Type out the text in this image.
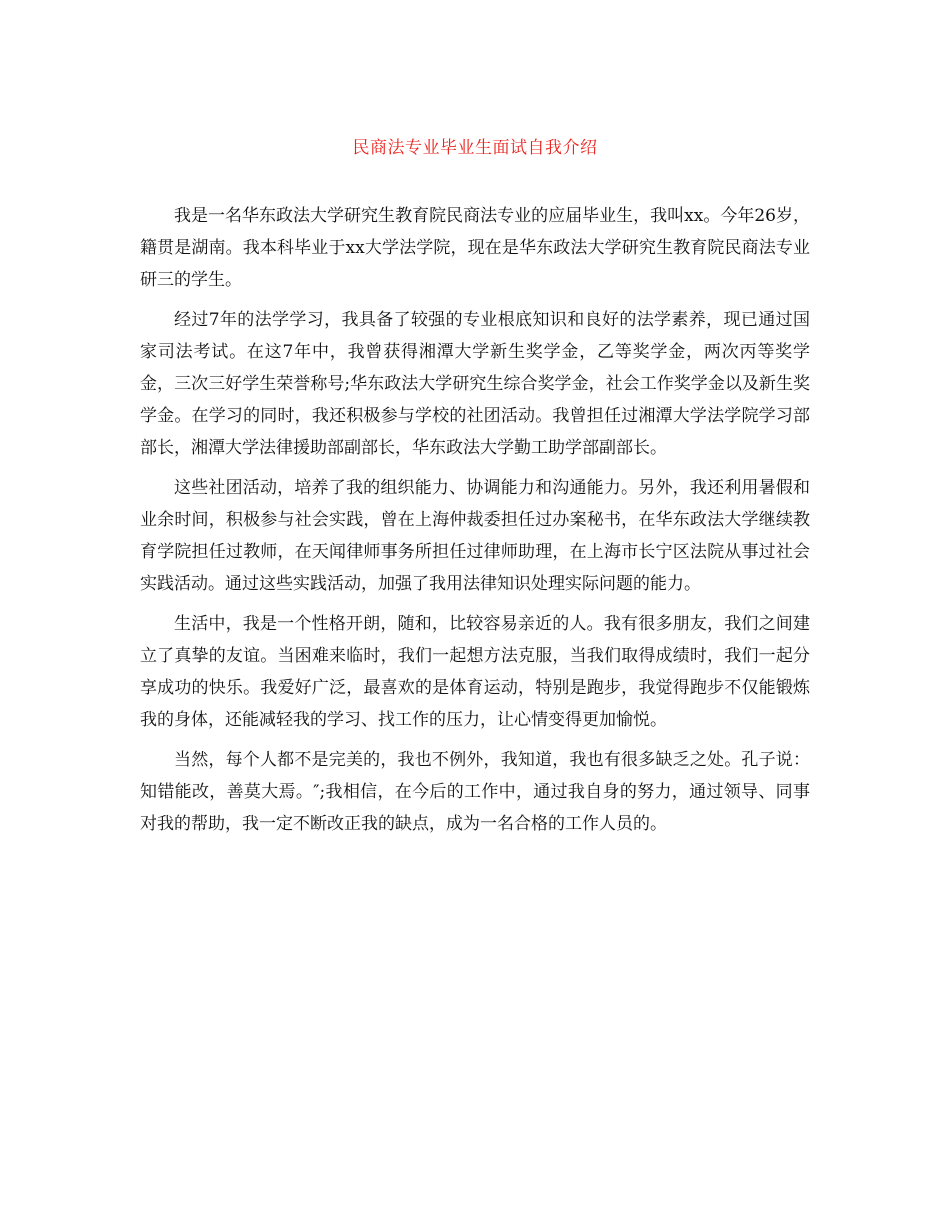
民商法专业毕业生面试自我介绍

我是一名华东政法大学研究生教育院民商法专业的应届毕业生，我叫xx。今年26岁，籍贯是湖南。我本科毕业于xx大学法学院，现在是华东政法大学研究生教育院民商法专业研三的学生。

经过7年的法学学习，我具备了较强的专业根底知识和良好的法学素养，现已通过国家司法考试。在这7年中，我曾获得湘潭大学新生奖学金，乙等奖学金，两次丙等奖学金，三次三好学生荣誉称号;华东政法大学研究生综合奖学金，社会工作奖学金以及新生奖学金。在学习的同时，我还积极参与学校的社团活动。我曾担任过湘潭大学法学院学习部部长，湘潭大学法律援助部副部长，华东政法大学勤工助学部副部长。

这些社团活动，培养了我的组织能力、协调能力和沟通能力。另外，我还利用暑假和业余时间，积极参与社会实践，曾在上海仲裁委担任过办案秘书，在华东政法大学继续教育学院担任过教师，在天闻律师事务所担任过律师助理，在上海市长宁区法院从事过社会实践活动。通过这些实践活动，加强了我用法律知识处理实际问题的能力。

生活中，我是一个性格开朗，随和，比较容易亲近的人。我有很多朋友，我们之间建立了真挚的友谊。当困难来临时，我们一起想方法克服，当我们取得成绩时，我们一起分享成功的快乐。我爱好广泛，最喜欢的是体育运动，特别是跑步，我觉得跑步不仅能锻炼我的身体，还能减轻我的学习、找工作的压力，让心情变得更加愉悦。

当然，每个人都不是完美的，我也不例外，我知道，我也有很多缺乏之处。孔子说：知错能改，善莫大焉。″;我相信，在今后的工作中，通过我自身的努力，通过领导、同事对我的帮助，我一定不断改正我的缺点，成为一名合格的工作人员的。
